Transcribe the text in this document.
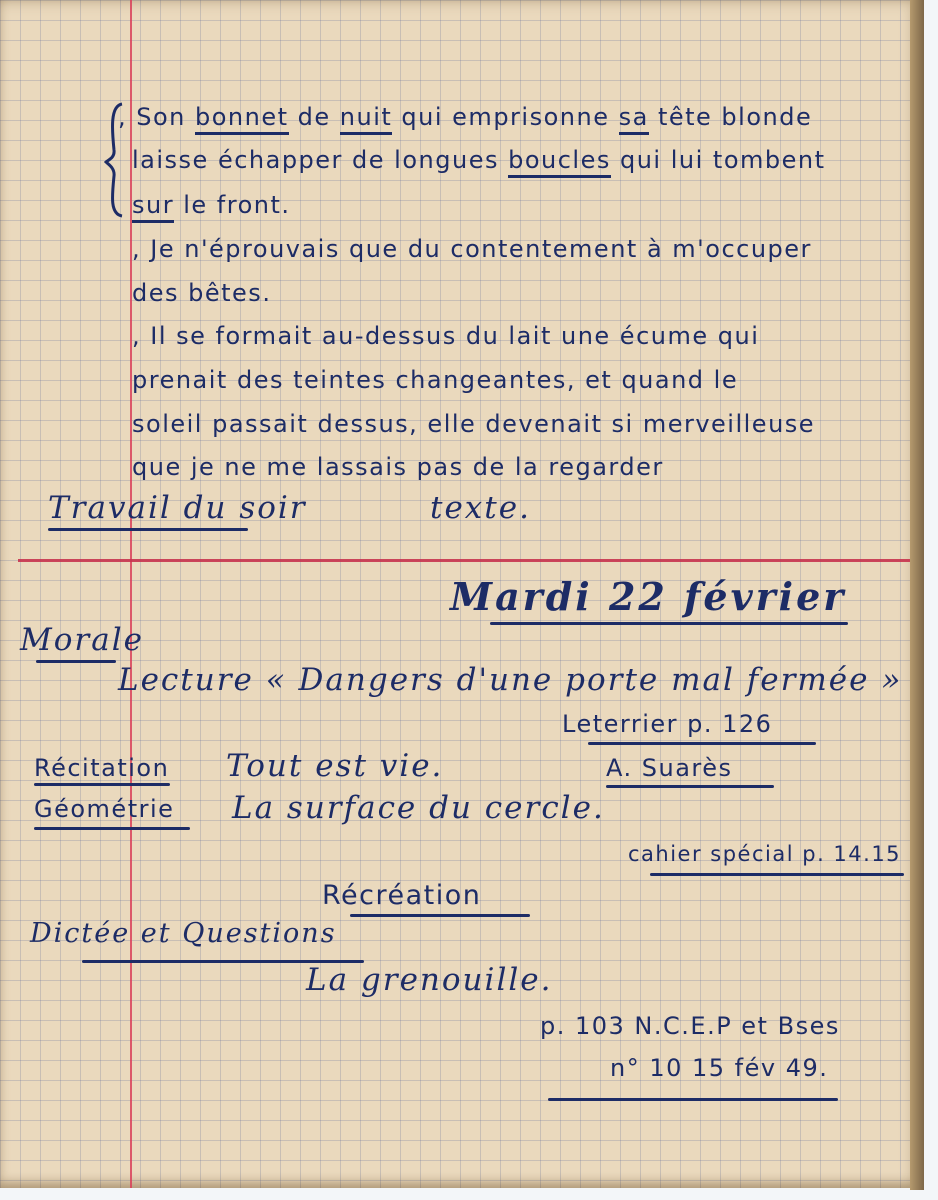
, Son bonnet de nuit qui emprisonne sa tête blonde
laisse échapper de longues boucles qui lui tombent
sur le front.
, Je n'éprouvais que du contentement à m'occuper
des bêtes.
, Il se formait au-dessus du lait une écume qui
prenait des teintes changeantes, et quand le
soleil passait dessus, elle devenait si merveilleuse
que je ne me lassais pas de la regarder
Travail du soir	texte.
Mardi 22 février
Morale
Lecture « Dangers d'une porte mal fermée »
Leterrier p. 126
Récitation Tout est vie.	A. Suarès
Géométrie La surface du cercle.
cahier spécial p. 14.15
Récréation
Dictée et Questions
La grenouille.
p. 103 N.C.E.P et Bses
n° 10 15 fév 49.
